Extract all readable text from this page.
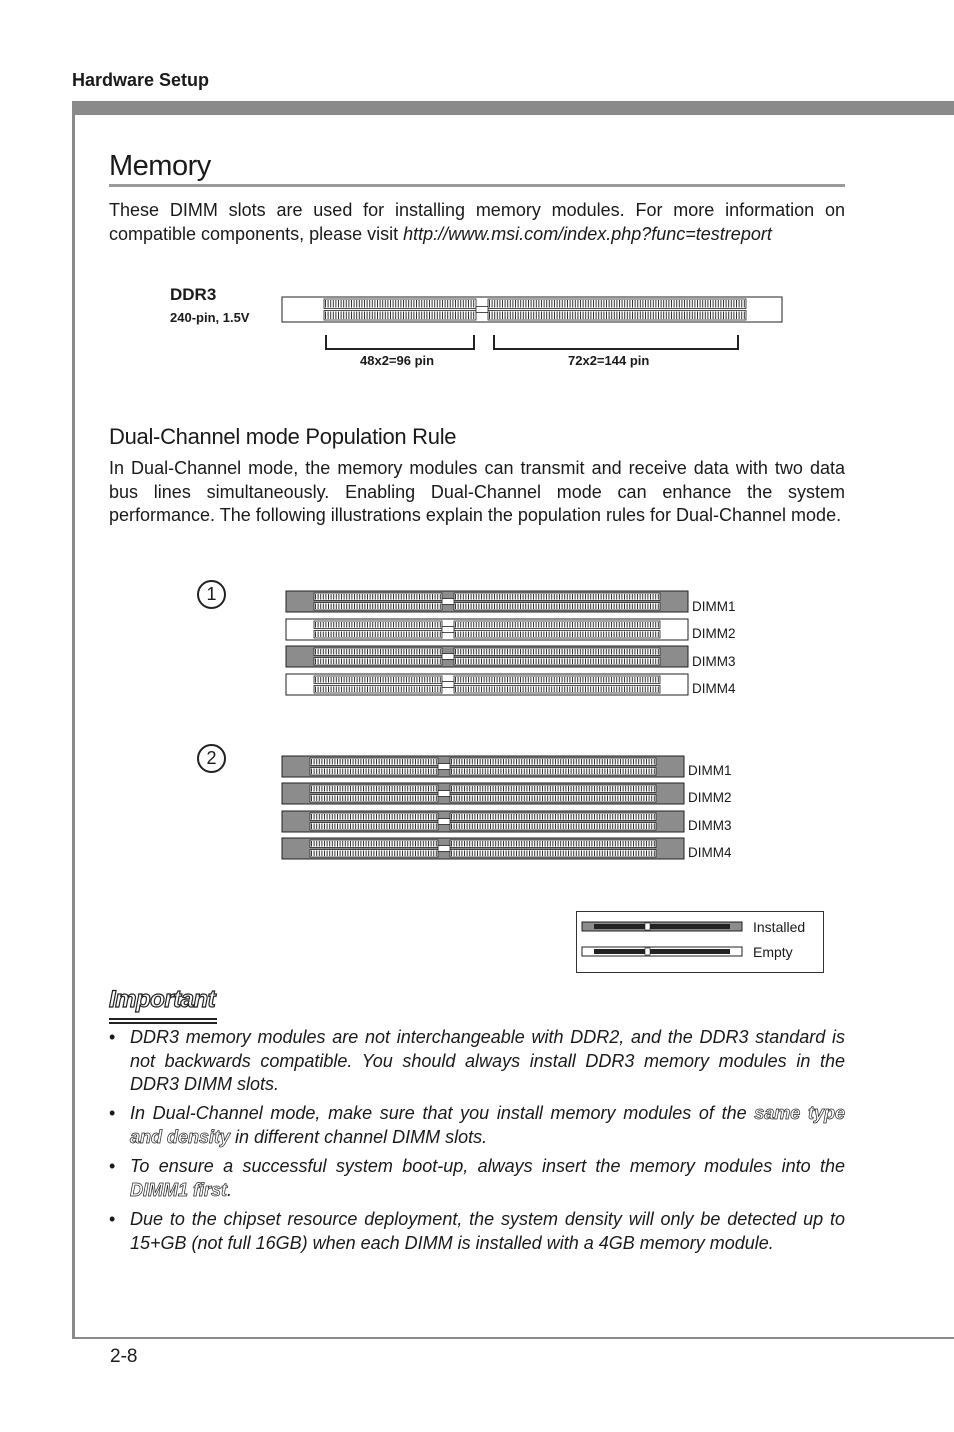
Hardware Setup
2-8
Memory
These DIMM slots are used for installing memory modules. For more information on compatible components, please visit http://www.msi.com/index.php?func=testreport
DDR3
240-pin, 1.5V
48x2=96 pin	72x2=144 pin
Dual-Channel mode Population Rule
In Dual-Channel mode, the memory modules can transmit and receive data with two data bus lines simultaneously. Enabling Dual-Channel mode can enhance the system performance. The following illustrations explain the population rules for Dual-Channel mode.
1
2
DIMM1
DIMM2
DIMM3
DIMM4
DIMM1
DIMM2
DIMM3
DIMM4
Installed
Empty
Important
• DDR3 memory modules are not interchangeable with DDR2, and the DDR3 standard is not backwards compatible. You should always install DDR3 memory modules in the DDR3 DIMM slots.
• In Dual-Channel mode, make sure that you install memory modules of the same type and density in different channel DIMM slots.
• To ensure a successful system boot-up, always insert the memory modules into the DIMM1 first.
• Due to the chipset resource deployment, the system density will only be detected up to 15+GB (not full 16GB) when each DIMM is installed with a 4GB memory module.
